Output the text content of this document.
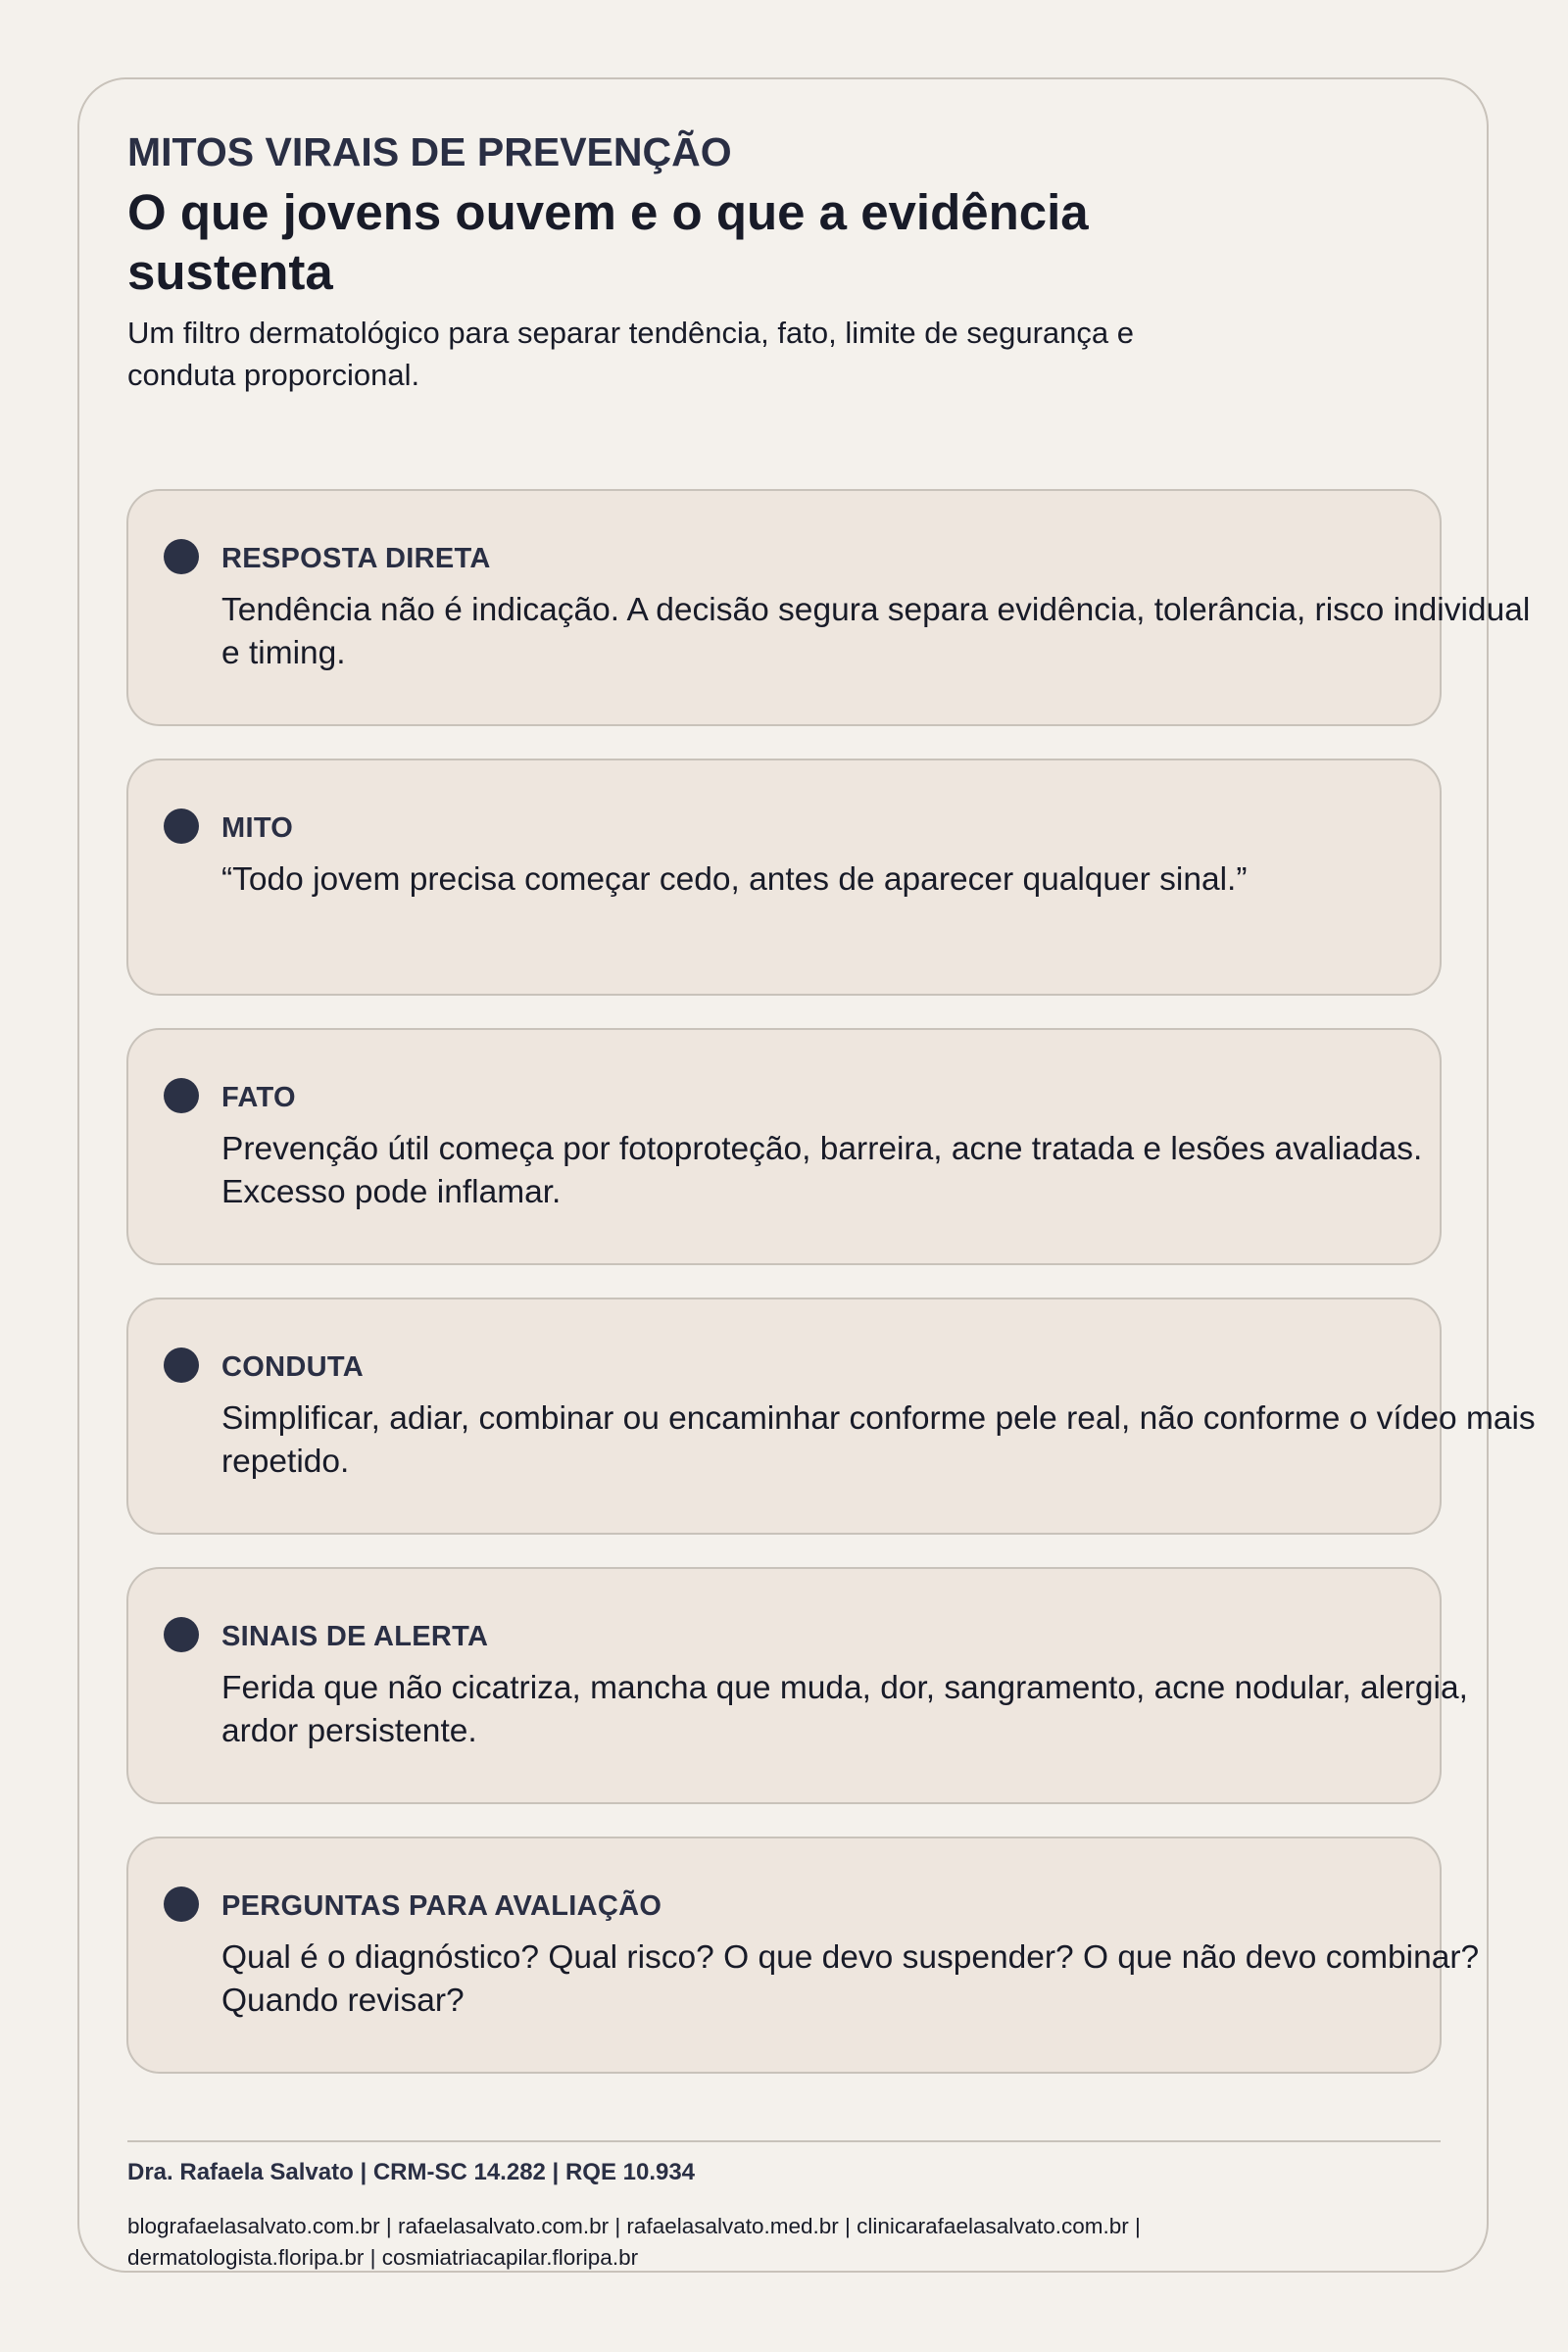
MITOS VIRAIS DE PREVENÇÃO
O que jovens ouvem e o que a evidência sustenta

Um filtro dermatológico para separar tendência, fato, limite de segurança e conduta proporcional.

RESPOSTA DIRETA
Tendência não é indicação. A decisão segura separa evidência, tolerância, risco individual e timing.
MITO
“Todo jovem precisa começar cedo, antes de aparecer qualquer sinal.”
FATO
Prevenção útil começa por fotoproteção, barreira, acne tratada e lesões avaliadas. Excesso pode inflamar.
CONDUTA
Simplificar, adiar, combinar ou encaminhar conforme pele real, não conforme o vídeo mais repetido.
SINAIS DE ALERTA
Ferida que não cicatriza, mancha que muda, dor, sangramento, acne nodular, alergia, ardor persistente.
PERGUNTAS PARA AVALIAÇÃO
Qual é o diagnóstico? Qual risco? O que devo suspender? O que não devo combinar? Quando revisar?
Dra. Rafaela Salvato | CRM-SC 14.282 | RQE 10.934
blografaelasalvato.com.br | rafaelasalvato.com.br | rafaelasalvato.med.br | clinicarafaelasalvato.com.br | dermatologista.floripa.br | cosmiatriacapilar.floripa.br
